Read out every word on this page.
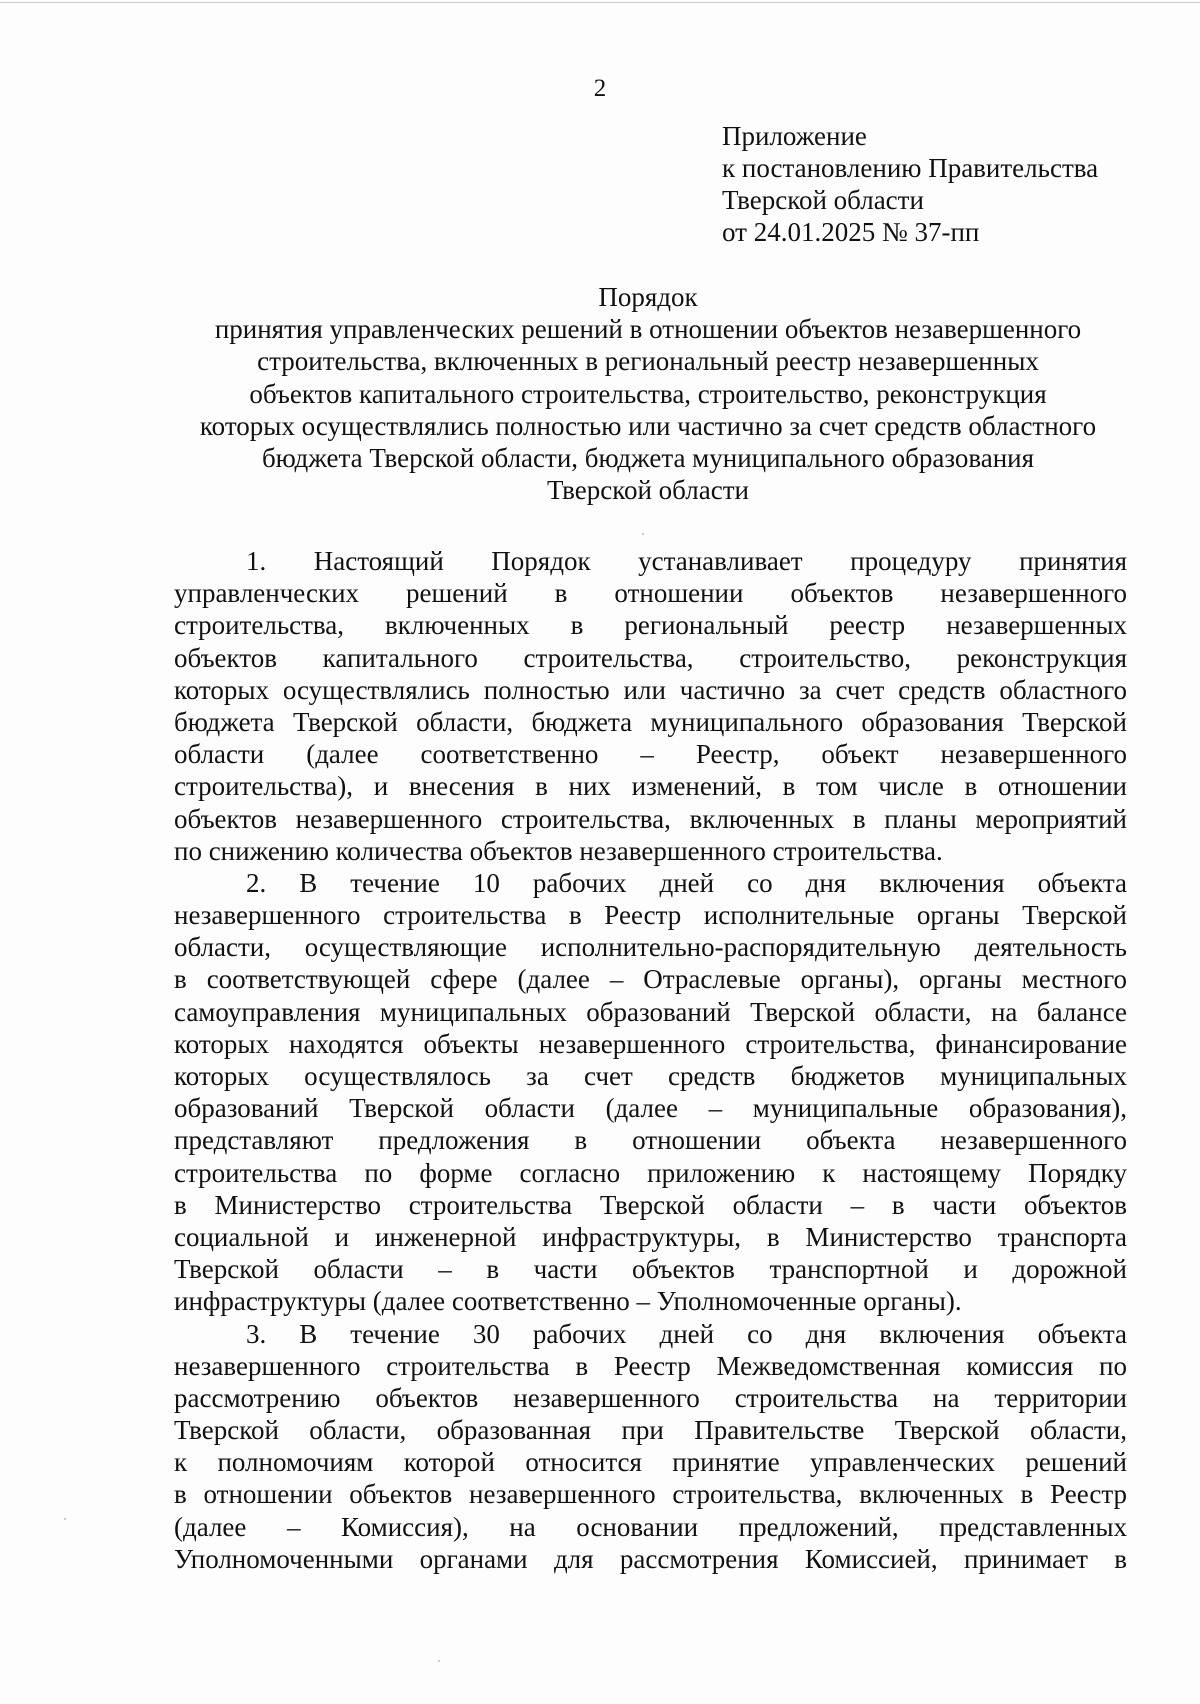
2
Приложение
к постановлению Правительства
Тверской области
от 24.01.2025 № 37-пп
Порядок
принятия управленческих решений в отношении объектов незавершенного
строительства, включенных в региональный реестр незавершенных
объектов капитального строительства, строительство, реконструкция
которых осуществлялись полностью или частично за счет средств областного
бюджета Тверской области, бюджета муниципального образования
Тверской области
1. Настоящий Порядок устанавливает процедуру принятия
управленческих решений в отношении объектов незавершенного
строительства, включенных в региональный реестр незавершенных
объектов капитального строительства, строительство, реконструкция
которых осуществлялись полностью или частично за счет средств областного
бюджета Тверской области, бюджета муниципального образования Тверской
области (далее соответственно – Реестр, объект незавершенного
строительства), и внесения в них изменений, в том числе в отношении
объектов незавершенного строительства, включенных в планы мероприятий
по снижению количества объектов незавершенного строительства.
2. В течение 10 рабочих дней со дня включения объекта
незавершенного строительства в Реестр исполнительные органы Тверской
области, осуществляющие исполнительно-распорядительную деятельность
в соответствующей сфере (далее – Отраслевые органы), органы местного
самоуправления муниципальных образований Тверской области, на балансе
которых находятся объекты незавершенного строительства, финансирование
которых осуществлялось за счет средств бюджетов муниципальных
образований Тверской области (далее – муниципальные образования),
представляют предложения в отношении объекта незавершенного
строительства по форме согласно приложению к настоящему Порядку
в Министерство строительства Тверской области – в части объектов
социальной и инженерной инфраструктуры, в Министерство транспорта
Тверской области – в части объектов транспортной и дорожной
инфраструктуры (далее соответственно – Уполномоченные органы).
3. В течение 30 рабочих дней со дня включения объекта
незавершенного строительства в Реестр Межведомственная комиссия по
рассмотрению объектов незавершенного строительства на территории
Тверской области, образованная при Правительстве Тверской области,
к полномочиям которой относится принятие управленческих решений
в отношении объектов незавершенного строительства, включенных в Реестр
(далее – Комиссия), на основании предложений, представленных
Уполномоченными органами для рассмотрения Комиссией, принимает в
